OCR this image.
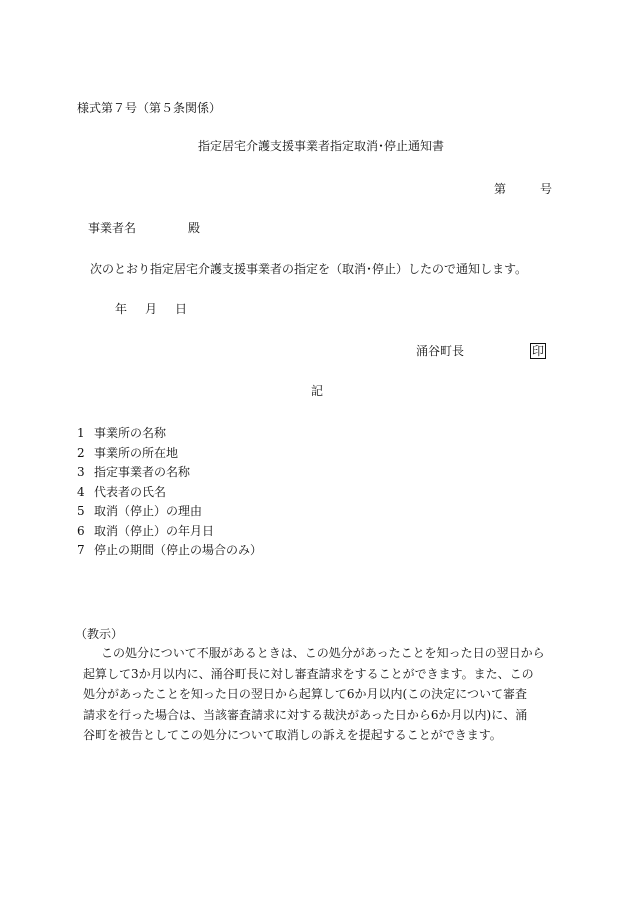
様式第７号（第５条関係）
指定居宅介護支援事業者指定取消･停止通知書
第	号
事業者名	殿
次のとおり指定居宅介護支援事業者の指定を（取消･停止）したので通知します。
年 月 日
涌谷町長	印
記
1 事業所の名称
2 事業所の所在地
3 指定事業者の名称
4 代表者の氏名
5 取消（停止）の理由
6 取消（停止）の年月日
7 停止の期間（停止の場合のみ）
（教示）
この処分について不服があるときは、この処分があったことを知った日の翌日から
起算して3か月以内に、涌谷町長に対し審査請求をすることができます。また、この
処分があったことを知った日の翌日から起算して6か月以内(この決定について審査
請求を行った場合は、当該審査請求に対する裁決があった日から6か月以内)に、涌
谷町を被告としてこの処分について取消しの訴えを提起することができます。
